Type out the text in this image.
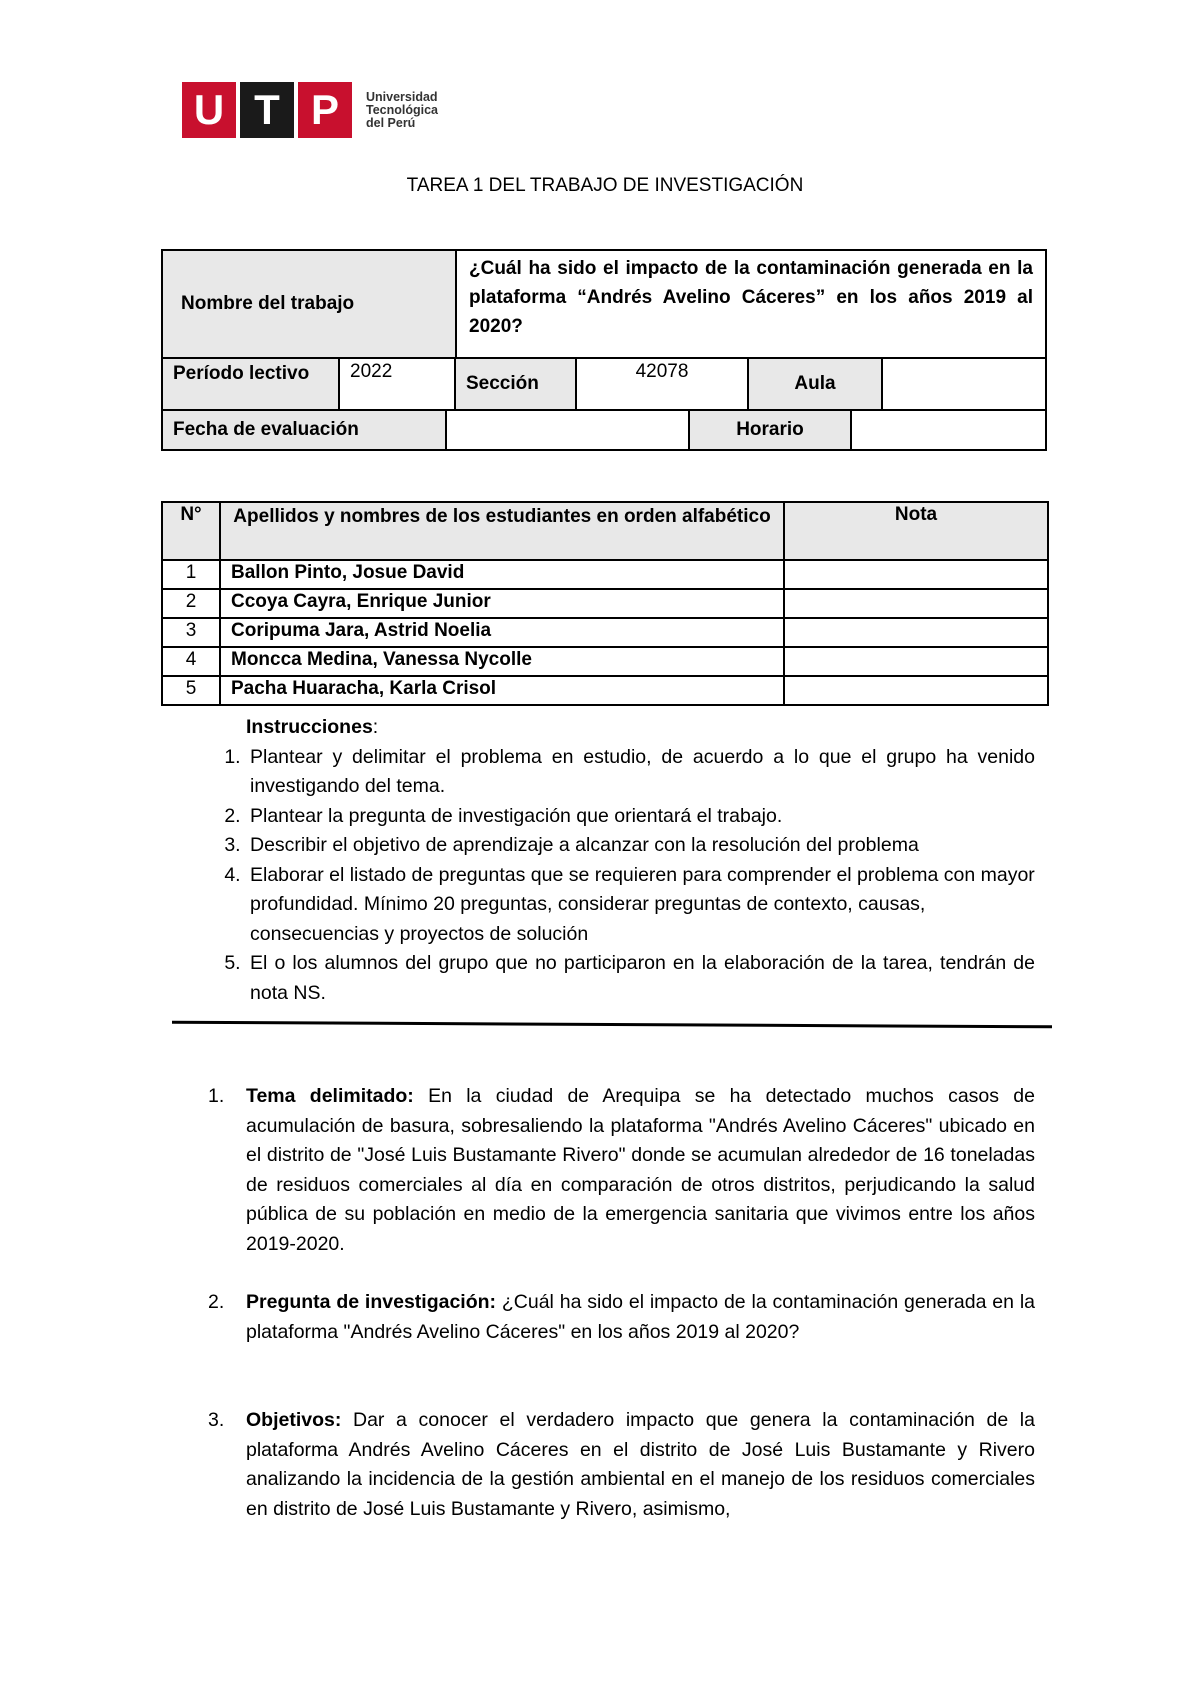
U T P	Universidad
Tecnológica
del Perú
TAREA 1 DEL TRABAJO DE INVESTIGACIÓN
Nombre del trabajo	¿Cuál ha sido el impacto de la contaminación generada en la plataforma “Andrés Avelino Cáceres” en los años 2019 al 2020?
Período lectivo	2022	Sección	42078	Aula	
Fecha de evaluación		Horario	
N°	Apellidos y nombres de los estudiantes en orden alfabético	Nota
1	Ballon Pinto, Josue David	
2	Ccoya Cayra, Enrique Junior	
3	Coripuma Jara, Astrid Noelia	
4	Moncca Medina, Vanessa Nycolle	
5	Pacha Huaracha, Karla Crisol	
Instrucciones:
1. Plantear y delimitar el problema en estudio, de acuerdo a lo que el grupo ha venido investigando del tema.
2. Plantear la pregunta de investigación que orientará el trabajo.
3. Describir el objetivo de aprendizaje a alcanzar con la resolución del problema
4. Elaborar el listado de preguntas que se requieren para comprender el problema con mayor profundidad. Mínimo 20 preguntas, considerar preguntas de contexto, causas, consecuencias y proyectos de solución
5. El o los alumnos del grupo que no participaron en la elaboración de la tarea, tendrán de nota NS.
1.	Tema delimitado: En la ciudad de Arequipa se ha detectado muchos casos de acumulación de basura, sobresaliendo la plataforma "Andrés Avelino Cáceres" ubicado en el distrito de "José Luis Bustamante Rivero" donde se acumulan alrededor de 16 toneladas de residuos comerciales al día en comparación de otros distritos, perjudicando la salud pública de su población en medio de la emergencia sanitaria que vivimos entre los años 2019-2020.
2.	Pregunta de investigación: ¿Cuál ha sido el impacto de la contaminación generada en la plataforma "Andrés Avelino Cáceres" en los años 2019 al 2020?
3.	Objetivos: Dar a conocer el verdadero impacto que genera la contaminación de la plataforma Andrés Avelino Cáceres en el distrito de José Luis Bustamante y Rivero analizando la incidencia de la gestión ambiental en el manejo de los residuos comerciales en distrito de José Luis Bustamante y Rivero, asimismo,
